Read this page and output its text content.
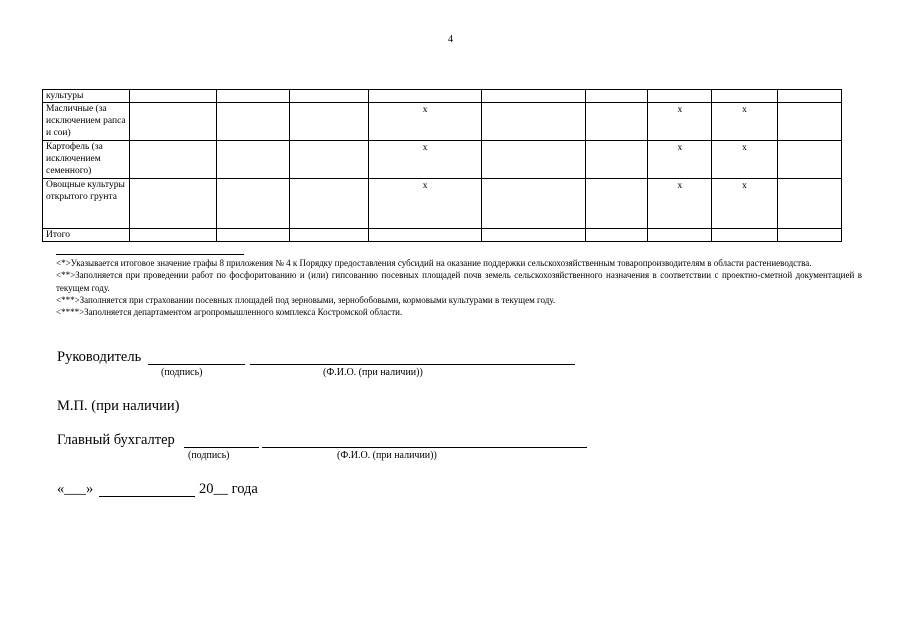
4
культуры									
Масличные (за исключением рапса и сои)				x			x	x	
Картофель (за исключением семенного)				x			x	x	
Овощные культуры открытого грунта				x			x	x	
Итого									

<*>Указывается итоговое значение графы 8 приложения № 4 к Порядку предоставления субсидий на оказание поддержки сельскохозяйственным товаропроизводителям в области растениеводства.

<**>Заполняется при проведении работ по фосфоритованию и (или) гипсованию посевных площадей почв земель сельскохозяйственного назначения в соответствии с проектно-сметной документацией в текущем году.

<***>Заполняется при страховании посевных площадей под зерновыми, зернобобовыми, кормовыми культурами в текущем году.

<****>Заполняется департаментом агропромышленного комплекса Костромской области.

Руководитель
(подпись)	(Ф.И.О. (при наличии))
М.П. (при наличии)
Главный бухгалтер
(подпись)	(Ф.И.О. (при наличии))
«___»	20__ года
